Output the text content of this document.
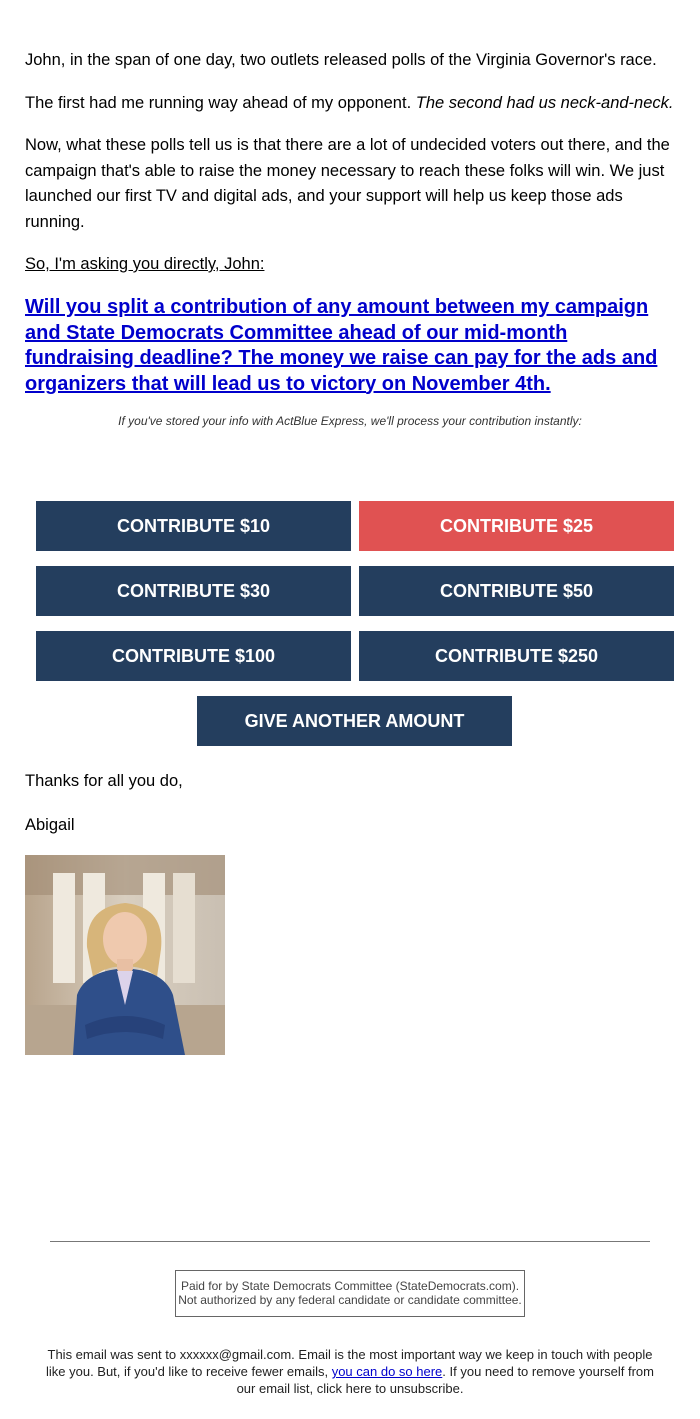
John, in the span of one day, two outlets released polls of the Virginia Governor's race.

The first had me running way ahead of my opponent. The second had us neck-and-neck.

Now, what these polls tell us is that there are a lot of undecided voters out there, and the campaign that's able to raise the money necessary to reach these folks will win. We just launched our first TV and digital ads, and your support will help us keep those ads running.

So, I'm asking you directly, John:

Will you split a contribution of any amount between my campaign and State Democrats Committee ahead of our mid-month fundraising deadline? The money we raise can pay for the ads and organizers that will lead us to victory on November 4th.
If you've stored your info with ActBlue Express, we'll process your contribution instantly:
CONTRIBUTE $10	CONTRIBUTE $25
CONTRIBUTE $30	CONTRIBUTE $50
CONTRIBUTE $100	CONTRIBUTE $250
GIVE ANOTHER AMOUNT
Thanks for all you do,
Abigail
Paid for by State Democrats Committee (StateDemocrats.com). Not authorized by any federal candidate or candidate committee.
This email was sent to xxxxxx@gmail.com. Email is the most important way we keep in touch with people like you. But, if you'd like to receive fewer emails, you can do so here. If you need to remove yourself from our email list, click here to unsubscribe.
